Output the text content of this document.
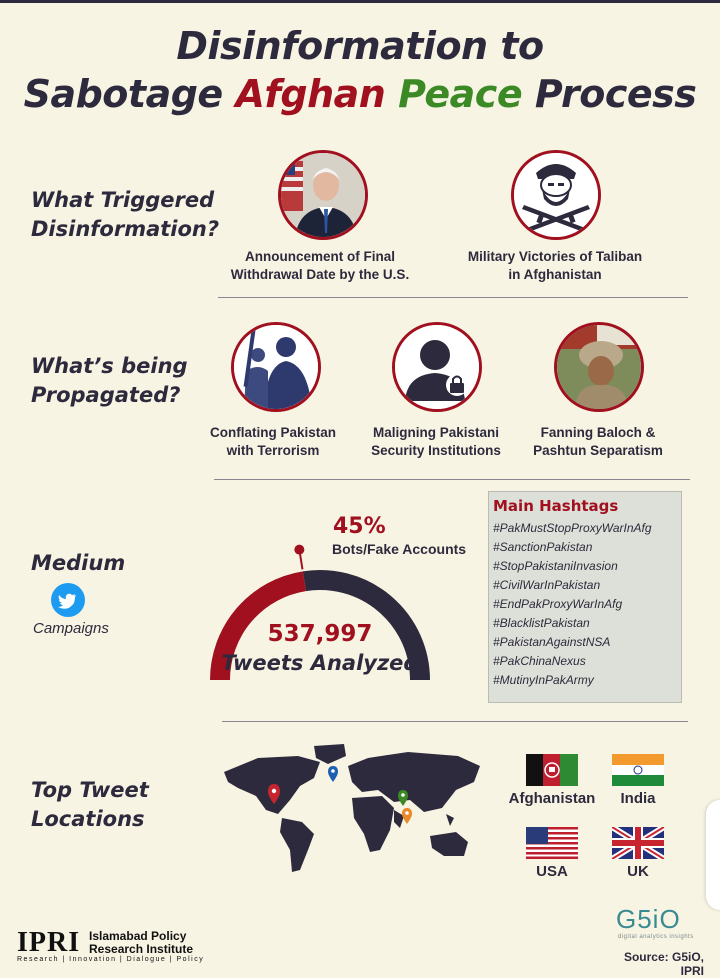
Disinformation to
Sabotage Afghan Peace Process
What Triggered
Disinformation?
Announcement of Final
Withdrawal Date by the U.S.
Military Victories of Taliban
in Afghanistan
What’s being
Propagated?
Conflating Pakistan
with Terrorism
Maligning Pakistani
Security Institutions
Fanning Baloch &
Pashtun Separatism
Medium
Campaigns
45%
Bots/Fake Accounts
537,997
Tweets Analyzed
Main Hashtags
#PakMustStopProxyWarInAfg
#SanctionPakistan
#StopPakistaniInvasion
#CivilWarInPakistan
#EndPakProxyWarInAfg
#BlacklistPakistan
#PakistanAgainstNSA
#PakChinaNexus
#MutinyInPakArmy
Top Tweet
Locations
Afghanistan	India
USA	UK
IPRI Islamabad Policy
Research Institute
Research | Innovation | Dialogue | Policy
G5iO
digital analytics insights
Source: G5iO, IPRI
